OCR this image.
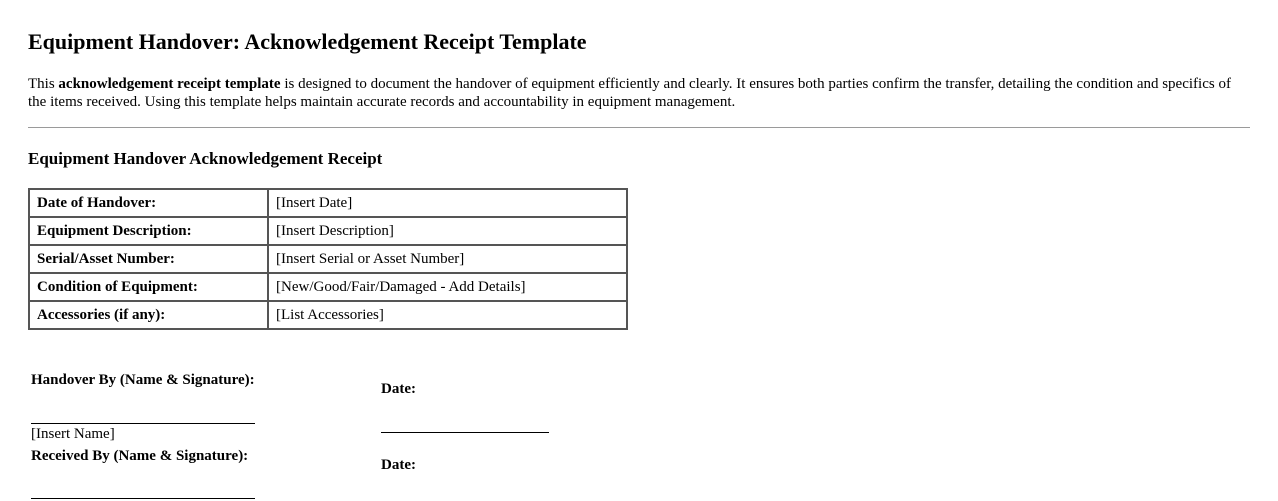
Equipment Handover: Acknowledgement Receipt Template

This acknowledgement receipt template is designed to document the handover of equipment efficiently and clearly. It ensures both parties confirm the transfer, detailing the condition and specifics of the items received. Using this template helps maintain accurate records and accountability in equipment management.

Equipment Handover Acknowledgement Receipt
Date of Handover:	[Insert Date]
Equipment Description:	[Insert Description]
Serial/Asset Number:	[Insert Serial or Asset Number]
Condition of Equipment:	[New/Good/Fair/Damaged - Add Details]
Accessories (if any):	[List Accessories]
Handover By (Name & Signature):
[Insert Name]
Date:
Received By (Name & Signature):
Date:
